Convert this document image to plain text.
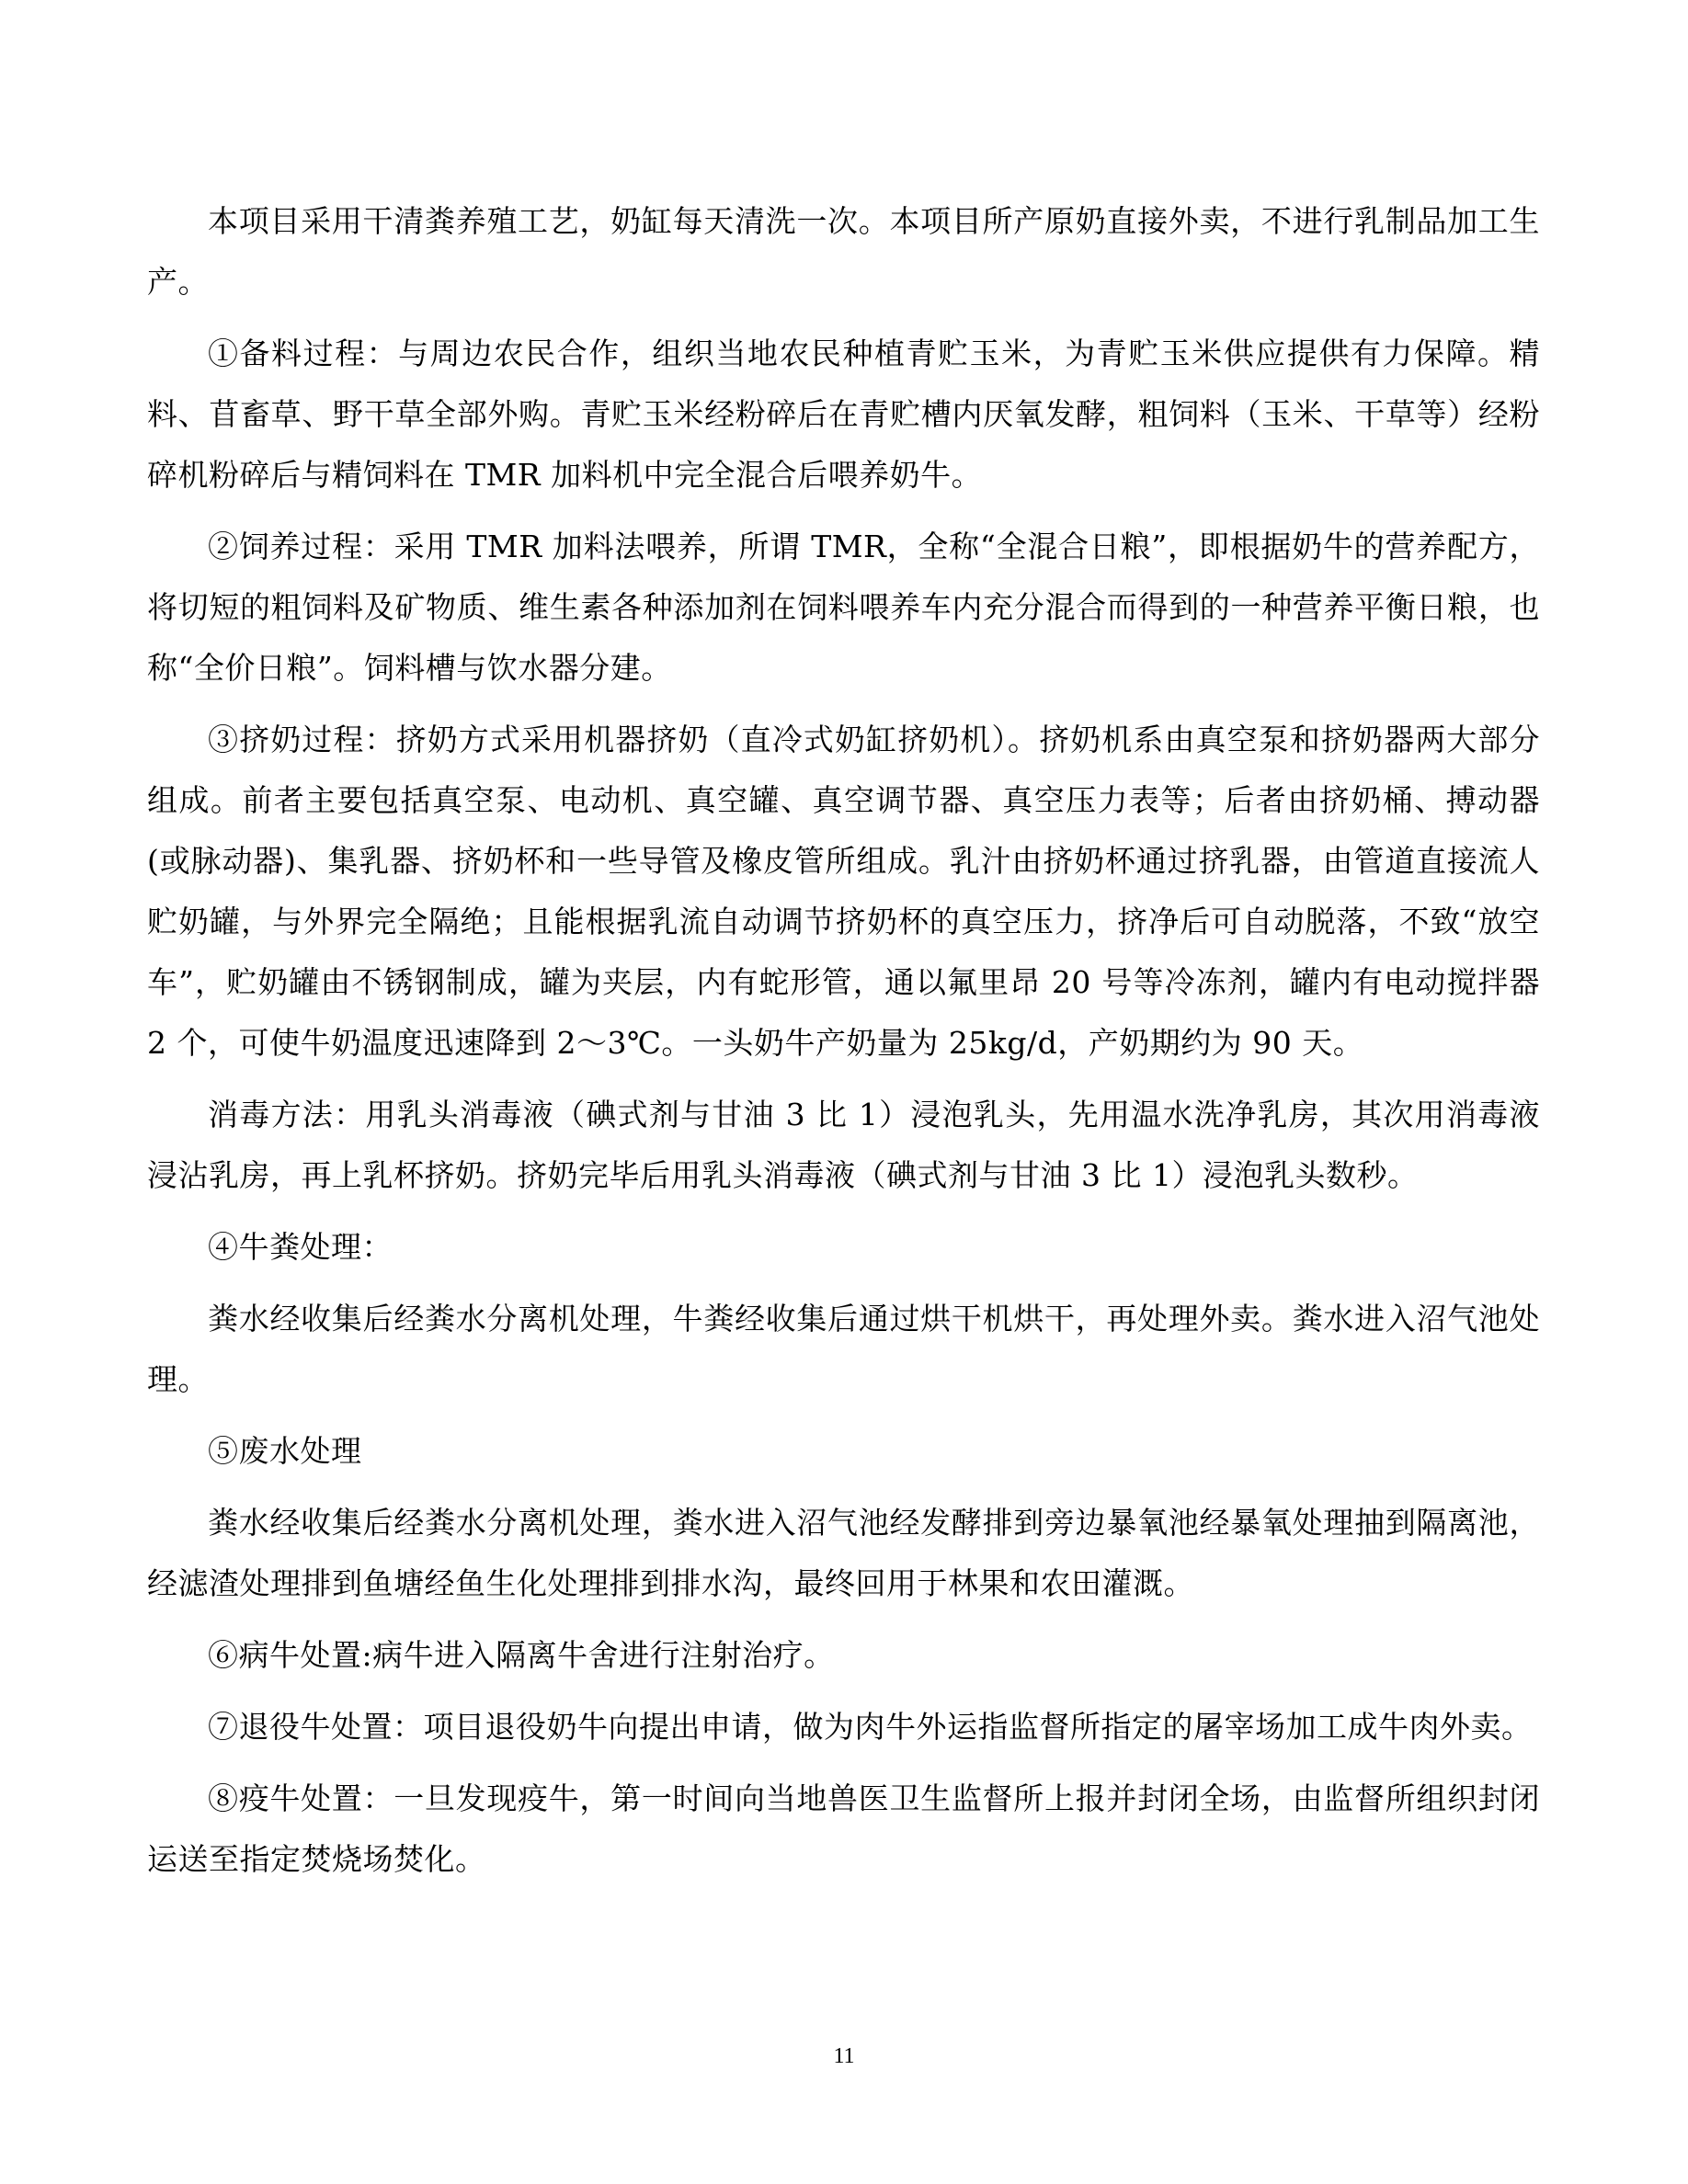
本项目采用干清粪养殖工艺，奶缸每天清洗一次。本项目所产原奶直接外卖，不进行乳制品加工生产。

①备料过程：与周边农民合作，组织当地农民种植青贮玉米，为青贮玉米供应提供有力保障。精料、苜畜草、野干草全部外购。青贮玉米经粉碎后在青贮槽内厌氧发酵，粗饲料（玉米、干草等）经粉碎机粉碎后与精饲料在 TMR 加料机中完全混合后喂养奶牛。

②饲养过程：采用 TMR 加料法喂养，所谓 TMR，全称“全混合日粮”，即根据奶牛的营养配方，将切短的粗饲料及矿物质、维生素各种添加剂在饲料喂养车内充分混合而得到的一种营养平衡日粮，也称“全价日粮”。饲料槽与饮水器分建。

③挤奶过程：挤奶方式采用机器挤奶（直冷式奶缸挤奶机）。挤奶机系由真空泵和挤奶器两大部分组成。前者主要包括真空泵、电动机、真空罐、真空调节器、真空压力表等；后者由挤奶桶、搏动器(或脉动器)、集乳器、挤奶杯和一些导管及橡皮管所组成。乳汁由挤奶杯通过挤乳器，由管道直接流人贮奶罐，与外界完全隔绝；且能根据乳流自动调节挤奶杯的真空压力，挤净后可自动脱落，不致“放空车”，贮奶罐由不锈钢制成，罐为夹层，内有蛇形管，通以氟里昂 20 号等冷冻剂，罐内有电动搅拌器 2 个，可使牛奶温度迅速降到 2～3℃。一头奶牛产奶量为 25kg/d，产奶期约为 90 天。

消毒方法：用乳头消毒液（碘式剂与甘油 3 比 1）浸泡乳头，先用温水洗净乳房，其次用消毒液浸沾乳房，再上乳杯挤奶。挤奶完毕后用乳头消毒液（碘式剂与甘油 3 比 1）浸泡乳头数秒。

④牛粪处理：

粪水经收集后经粪水分离机处理，牛粪经收集后通过烘干机烘干，再处理外卖。粪水进入沼气池处理。

⑤废水处理

粪水经收集后经粪水分离机处理，粪水进入沼气池经发酵排到旁边暴氧池经暴氧处理抽到隔离池，经滤渣处理排到鱼塘经鱼生化处理排到排水沟，最终回用于林果和农田灌溉。

⑥病牛处置:病牛进入隔离牛舍进行注射治疗。

⑦退役牛处置：项目退役奶牛向提出申请，做为肉牛外运指监督所指定的屠宰场加工成牛肉外卖。

⑧疫牛处置：一旦发现疫牛，第一时间向当地兽医卫生监督所上报并封闭全场，由监督所组织封闭运送至指定焚烧场焚化。

11
